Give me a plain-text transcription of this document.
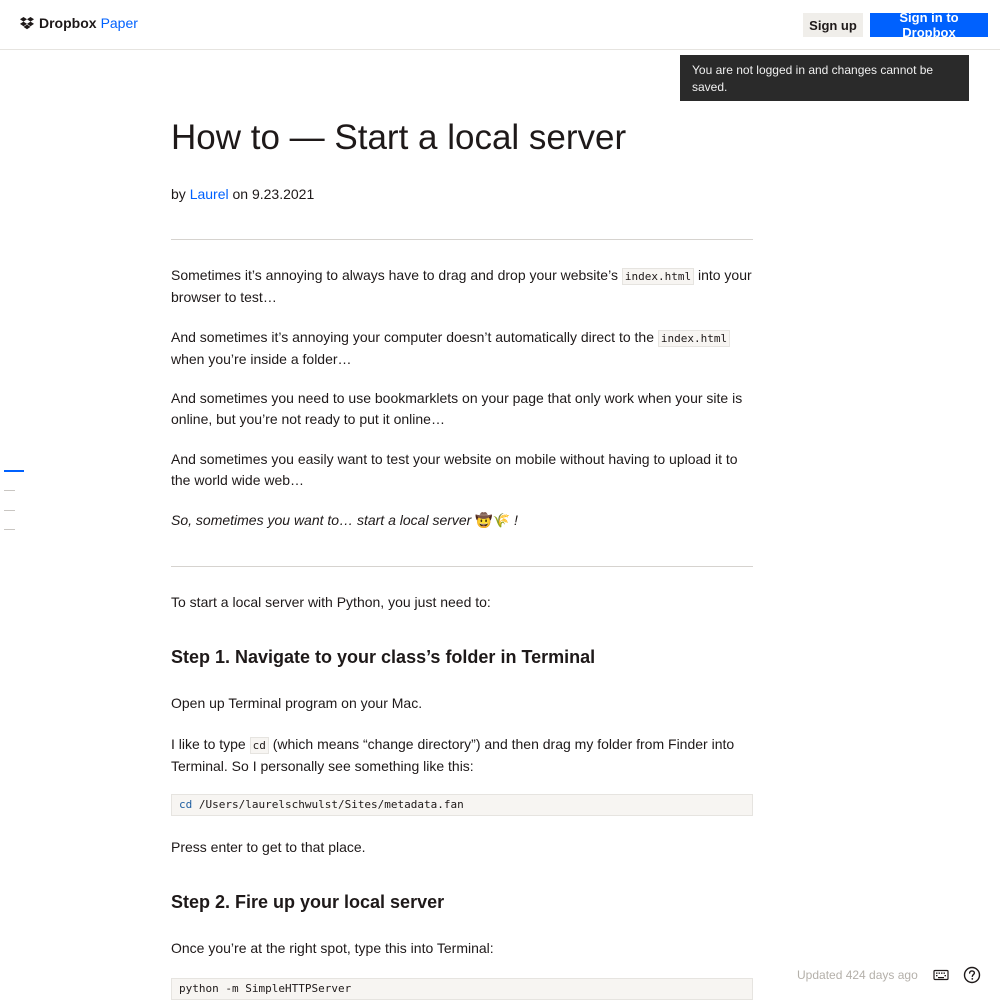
Dropbox Paper	Sign up	Sign in to Dropbox
You are not logged in and changes cannot be saved.
How to — Start a local server
by Laurel on 9.23.2021

Sometimes it’s annoying to always have to drag and drop your website’s index.html into your browser to test…

And sometimes it’s annoying your computer doesn’t automatically direct to the index.html when you’re inside a folder…

And sometimes you need to use bookmarklets on your page that only work when your site is online, but you’re not ready to put it online…

And sometimes you easily want to test your website on mobile without having to upload it to the world wide web…

So, sometimes you want to… start a local server 🤠🌾 !

To start a local server with Python, you just need to:

Step 1. Navigate to your class’s folder in Terminal

Open up Terminal program on your Mac.

I like to type cd (which means “change directory”) and then drag my folder from Finder into Terminal. So I personally see something like this:

cd /Users/laurelschwulst/Sites/metadata.fan

Press enter to get to that place.

Step 2. Fire up your local server

Once you’re at the right spot, type this into Terminal:

python -m SimpleHTTPServer
Updated 424 days ago
